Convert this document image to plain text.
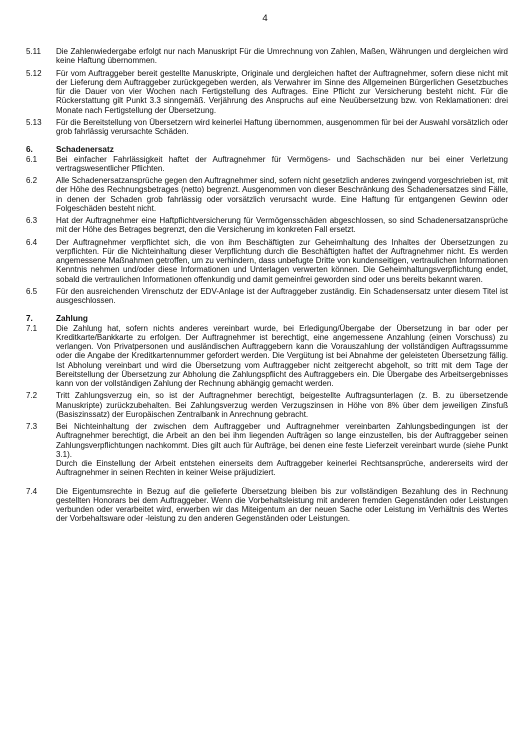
4
5.11	Die Zahlenwiedergabe erfolgt nur nach Manuskript Für die Umrechnung von Zahlen, Maßen, Währungen und dergleichen wird keine Haftung übernommen.
5.12	Für vom Auftraggeber bereit gestellte Manuskripte, Originale und dergleichen haftet der Auftragnehmer, sofern diese nicht mit der Lieferung dem Auftraggeber zurückgegeben werden, als Verwahrer im Sinne des Allgemeinen Bürgerlichen Gesetzbuches für die Dauer von vier Wochen nach Fertigstellung des Auftrages. Eine Pflicht zur Versicherung besteht nicht. Für die Rückerstattung gilt Punkt 3.3 sinngemäß. Verjährung des Anspruchs auf eine Neuübersetzung bzw. von Reklamationen: drei Monate nach Fertigstellung der Übersetzung.
5.13	Für die Bereitstellung von Übersetzern wird keinerlei Haftung übernommen, ausgenommen für bei der Auswahl vorsätzlich oder grob fahrlässig verursachte Schäden.
6.	Schadenersatz
6.1	Bei einfacher Fahrlässigkeit haftet der Auftragnehmer für Vermögens- und Sachschäden nur bei einer Verletzung vertragswesentlicher Pflichten.
6.2	Alle Schadenersatzansprüche gegen den Auftragnehmer sind, sofern nicht gesetzlich anderes zwingend vorgeschrieben ist, mit der Höhe des Rechnungsbetrages (netto) begrenzt. Ausgenommen von dieser Beschränkung des Schadenersatzes sind Fälle, in denen der Schaden grob fahrlässig oder vorsätzlich verursacht wurde. Eine Haftung für entgangenen Gewinn oder Folgeschäden besteht nicht.
6.3	Hat der Auftragnehmer eine Haftpflichtversicherung für Vermögensschäden abgeschlossen, so sind Schadenersatzansprüche mit der Höhe des Betrages begrenzt, den die Versicherung im konkreten Fall ersetzt.
6.4	Der Auftragnehmer verpflichtet sich, die von ihm Beschäftigten zur Geheimhaltung des Inhaltes der Übersetzungen zu verpflichten. Für die Nichteinhaltung dieser Verpflichtung durch die Beschäftigten haftet der Auftragnehmer nicht. Es werden angemessene Maßnahmen getroffen, um zu verhindern, dass unbefugte Dritte von kundenseitigen, vertraulichen Informationen Kenntnis nehmen und/oder diese Informationen und Unterlagen verwerten können. Die Geheimhaltungsverpflichtung endet, sobald die vertraulichen Informationen offenkundig und damit gemeinfrei geworden sind oder uns bereits bekannt waren.
6.5	Für den ausreichenden Virenschutz der EDV-Anlage ist der Auftraggeber zuständig. Ein Schadensersatz unter diesem Titel ist ausgeschlossen.
7.	Zahlung
7.1	Die Zahlung hat, sofern nichts anderes vereinbart wurde, bei Erledigung/Übergabe der Übersetzung in bar oder per Kreditkarte/Bankkarte zu erfolgen. Der Auftragnehmer ist berechtigt, eine angemessene Anzahlung (einen Vorschuss) zu verlangen. Von Privatpersonen und ausländischen Auftraggebern kann die Vorauszahlung der vollständigen Auftragssumme oder die Angabe der Kreditkartennummer gefordert werden. Die Vergütung ist bei Abnahme der geleisteten Übersetzung fällig. Ist Abholung vereinbart und wird die Übersetzung vom Auftraggeber nicht zeitgerecht abgeholt, so tritt mit dem Tage der Bereitstellung der Übersetzung zur Abholung die Zahlungspflicht des Auftraggebers ein. Die Übergabe des Arbeitsergebnisses kann von der vollständigen Zahlung der Rechnung abhängig gemacht werden.
7.2	Tritt Zahlungsverzug ein, so ist der Auftragnehmer berechtigt, beigestellte Auftragsunterlagen (z. B. zu übersetzende Manuskripte) zurückzubehalten. Bei Zahlungsverzug werden Verzugszinsen in Höhe von 8% über dem jeweiligen Zinsfuß (Basiszinssatz) der Europäischen Zentralbank in Anrechnung gebracht.
7.3	Bei Nichteinhaltung der zwischen dem Auftraggeber und Auftragnehmer vereinbarten Zahlungsbedingungen ist der Auftragnehmer berechtigt, die Arbeit an den bei ihm liegenden Aufträgen so lange einzustellen, bis der Auftraggeber seinen Zahlungsverpflichtungen nachkommt. Dies gilt auch für Aufträge, bei denen eine feste Lieferzeit vereinbart wurde (siehe Punkt 3.1).
Durch die Einstellung der Arbeit entstehen einerseits dem Auftraggeber keinerlei Rechtsansprüche, andererseits wird der Auftragnehmer in seinen Rechten in keiner Weise präjudiziert.
7.4	Die Eigentumsrechte in Bezug auf die gelieferte Übersetzung bleiben bis zur vollständigen Bezahlung des in Rechnung gestellten Honorars bei dem Auftraggeber. Wenn die Vorbehaltsleistung mit anderen fremden Gegenständen oder Leistungen verbunden oder verarbeitet wird, erwerben wir das Miteigentum an der neuen Sache oder Leistung im Verhältnis des Wertes der Vorbehaltsware oder -leistung zu den anderen Gegenständen oder Leistungen.
